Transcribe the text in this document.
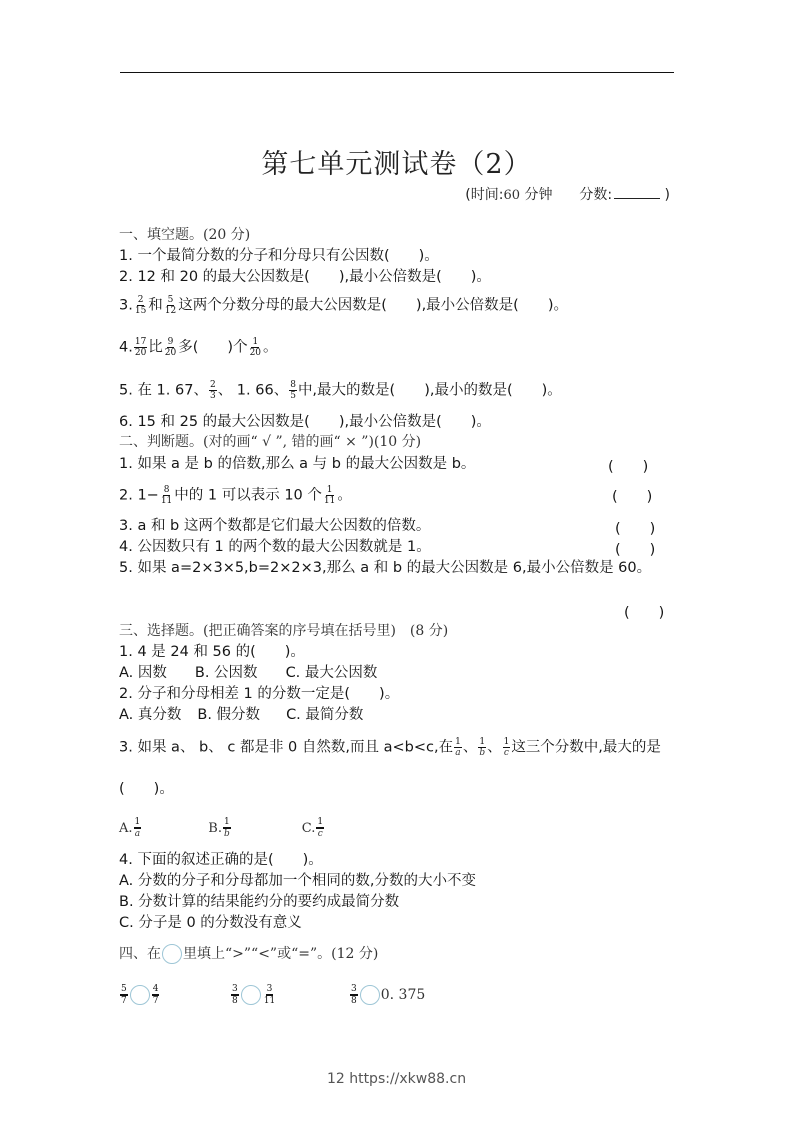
第七单元测试卷（2）
(时间:60 分钟 分数:	)
一、填空题。(20 分)
1. 一个最简分数的分子和分母只有公因数(　　)。
2. 12 和 20 的最大公因数是(　　),最小公倍数是(　　)。
3. $\frac{2}{15}$ 和 $\frac{5}{12}$ 这两个分数分母的最大公因数是(　　),最小公倍数是(　　)。
4. $\frac{17}{20}$ 比 $\frac{9}{20}$ 多(　　)个 $\frac{1}{20}$ 。
5. 在 1. 67、 $\frac{2}{3}$ 、 1. 66、 $\frac{8}{5}$ 中,最大的数是(　　),最小的数是(　　)。
6. 15 和 25 的最大公因数是(　　),最小公倍数是(　　)。
二、判断题。(对的画“ √ ”, 错的画“ × ”)(10 分)
1. 如果 a 是 b 的倍数,那么 a 与 b 的最大公因数是 b。	(　　)
2. $1- \frac{8}{11}$ 中的 1 可以表示 10 个 $\frac{1}{11}$ 。	(　　)
3. a 和 b 这两个数都是它们最大公因数的倍数。	(　　)
4. 公因数只有 1 的两个数的最大公因数就是 1。	(　　)
5. 如果 a=2×3×5,b=2×2×3,那么 a 和 b 的最大公因数是 6,最小公倍数是 60。
(　　)
三、选择题。(把正确答案的序号填在括号里)　(8 分)
1. 4 是 24 和 56 的(　　)。
A. 因数 B. 公因数 C. 最大公因数
2. 分子和分母相差 1 的分数一定是(　　)。
A. 真分数 B. 假分数 C. 最简分数
3. 如果 a、 b、 c 都是非 0 自然数,而且 a<b<c,在 $\frac{1}{a}$ 、 $\frac{1}{b}$ 、 $\frac{1}{c}$ 这三个分数中,最大的是
(　　)。
A. $\frac{1}{a}$	B. $\frac{1}{b}$	C. $\frac{1}{c}$
4. 下面的叙述正确的是(　　)。
A. 分数的分子和分母都加一个相同的数,分数的大小不变
B. 分数计算的结果能约分的要约成最简分数
C. 分子是 0 的分数没有意义
四、在 里填上“>”“<”或“=”。(12 分)
$\frac{5}{7}$	$\frac{4}{7}$	$\frac{3}{8}$	$\frac{3}{11}$	$\frac{3}{8} 0$. 375
12 https://xkw88.cn
